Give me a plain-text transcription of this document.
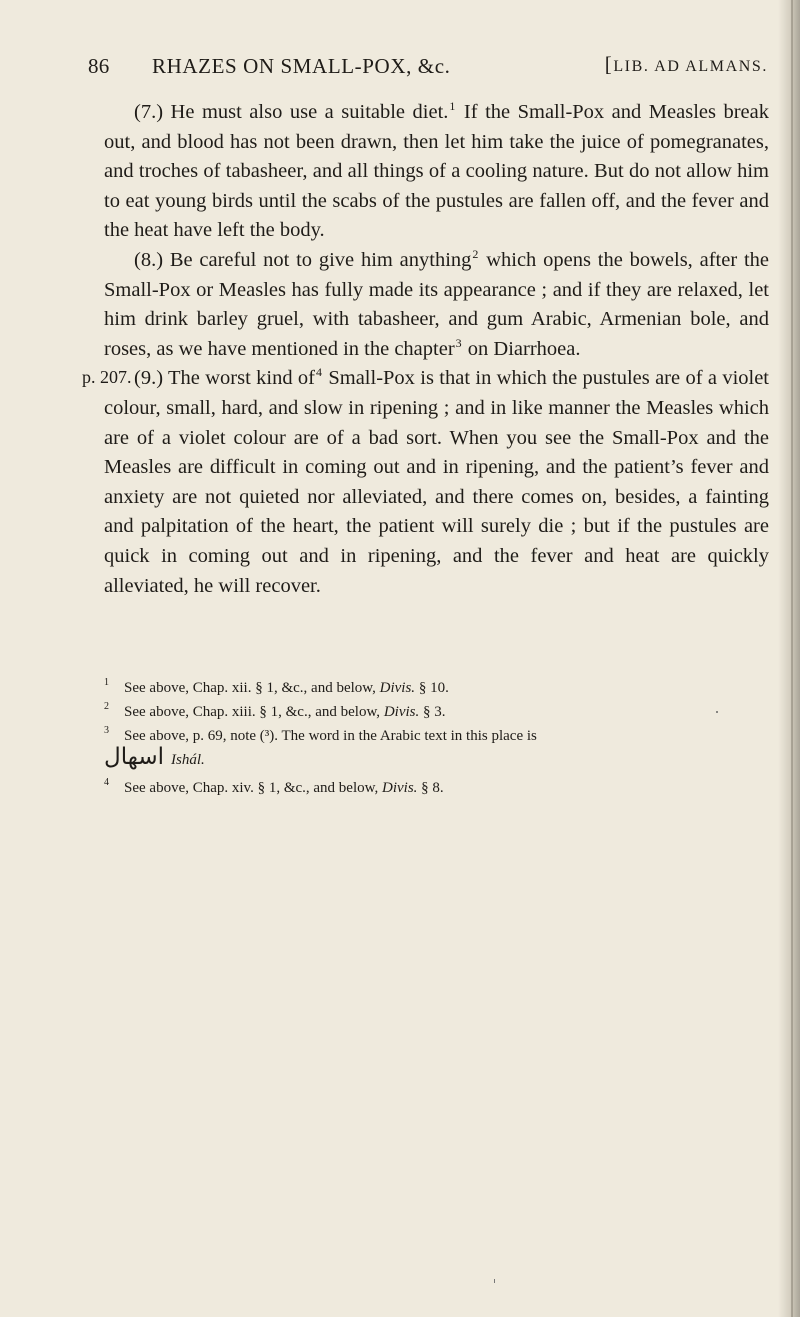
86 RHAZES ON SMALL-POX, &c.	[LIB. AD ALMANS.
p. 207.

(7.) He must also use a suitable diet.$^1$ If the Small-Pox and Measles break out, and blood has not been drawn, then let him take the juice of pomegranates, and troches of tabasheer, and all things of a cooling nature. But do not allow him to eat young birds until the scabs of the pustules are fallen off, and the fever and the heat have left the body.

(8.) Be careful not to give him anything$^2$ which opens the bowels, after the Small-Pox or Measles has fully made its appearance ; and if they are relaxed, let him drink barley gruel, with tabasheer, and gum Arabic, Armenian bole, and roses, as we have mentioned in the chapter$^3$ on Diarrhoea.

(9.) The worst kind $of^4$ Small-Pox is that in which the pustules are of a violet colour, small, hard, and slow in ripening ; and in like manner the Measles which are of a violet colour are of a bad sort. When you see the Small-Pox and the Measles are difficult in coming out and in ripening, and the patient’s fever and anxiety are not quieted nor alleviated, and there comes on, besides, a fainting and palpitation of the heart, the patient will surely die ; but if the pustules are quick in coming out and in ripening, and the fever and heat are quickly alleviated, he will recover.

1 See above, Chap. xii. § 1, &c., and below, Divis. § 10.
2 See above, Chap. xiii. § 1, &c., and below, Divis. § 3.
3 See above, p. 69, note (³). The word in the Arabic text in this place is
اسهال Ishál.
4 See above, Chap. xiv. § 1, &c., and below, Divis. § 8.
